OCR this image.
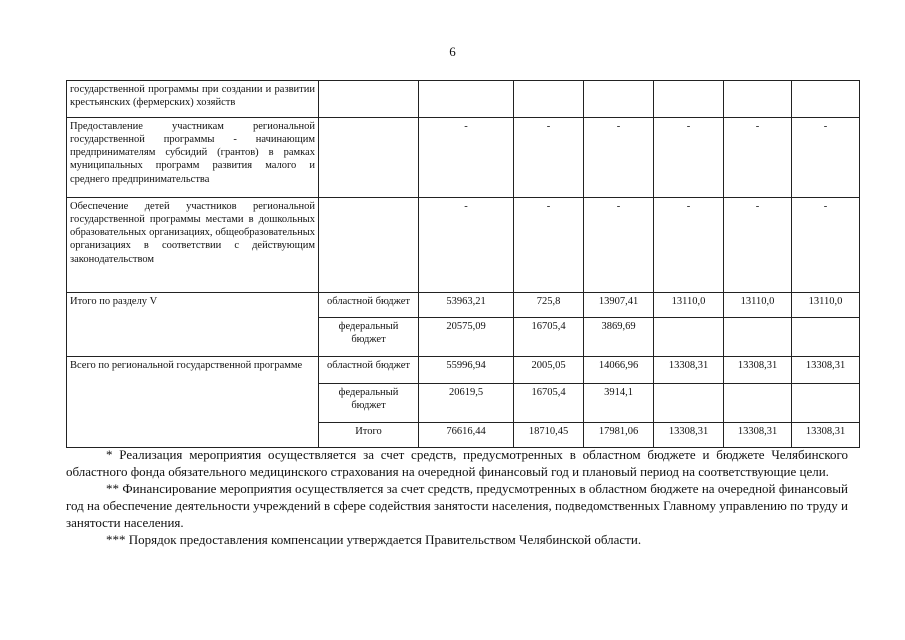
6
государственной программы при создании и развитии крестьянских (фермерских) хозяйств							
Предоставление участникам региональной государственной программы - начинающим предпринимателям субсидий (грантов) в рамках муниципальных программ развития малого и среднего предпринимательства		-	-	-	-	-	-
Обеспечение детей участников региональной государственной программы местами в дошкольных образовательных организациях, общеобразовательных организациях в соответствии с действующим законодательством		-	-	-	-	-	-
Итого по разделу V	областной бюджет	53963,21	725,8	13907,41	13110,0	13110,0	13110,0
	федеральный бюджет	20575,09	16705,4	3869,69			
Всего по региональной государственной программе	областной бюджет	55996,94	2005,05	14066,96	13308,31	13308,31	13308,31
	федеральный бюджет	20619,5	16705,4	3914,1			
	Итого	76616,44	18710,45	17981,06	13308,31	13308,31	13308,31

* Реализация мероприятия осуществляется за счет средств, предусмотренных в областном бюджете и бюджете Челябинского областного фонда обязательного медицинского страхования на очередной финансовый год и плановый период на соответствующие цели.

** Финансирование мероприятия осуществляется за счет средств, предусмотренных в областном бюджете на очередной финансовый год на обеспечение деятельности учреждений в сфере содействия занятости населения, подведомственных Главному управлению по труду и занятости населения.

*** Порядок предоставления компенсации утверждается Правительством Челябинской области.
